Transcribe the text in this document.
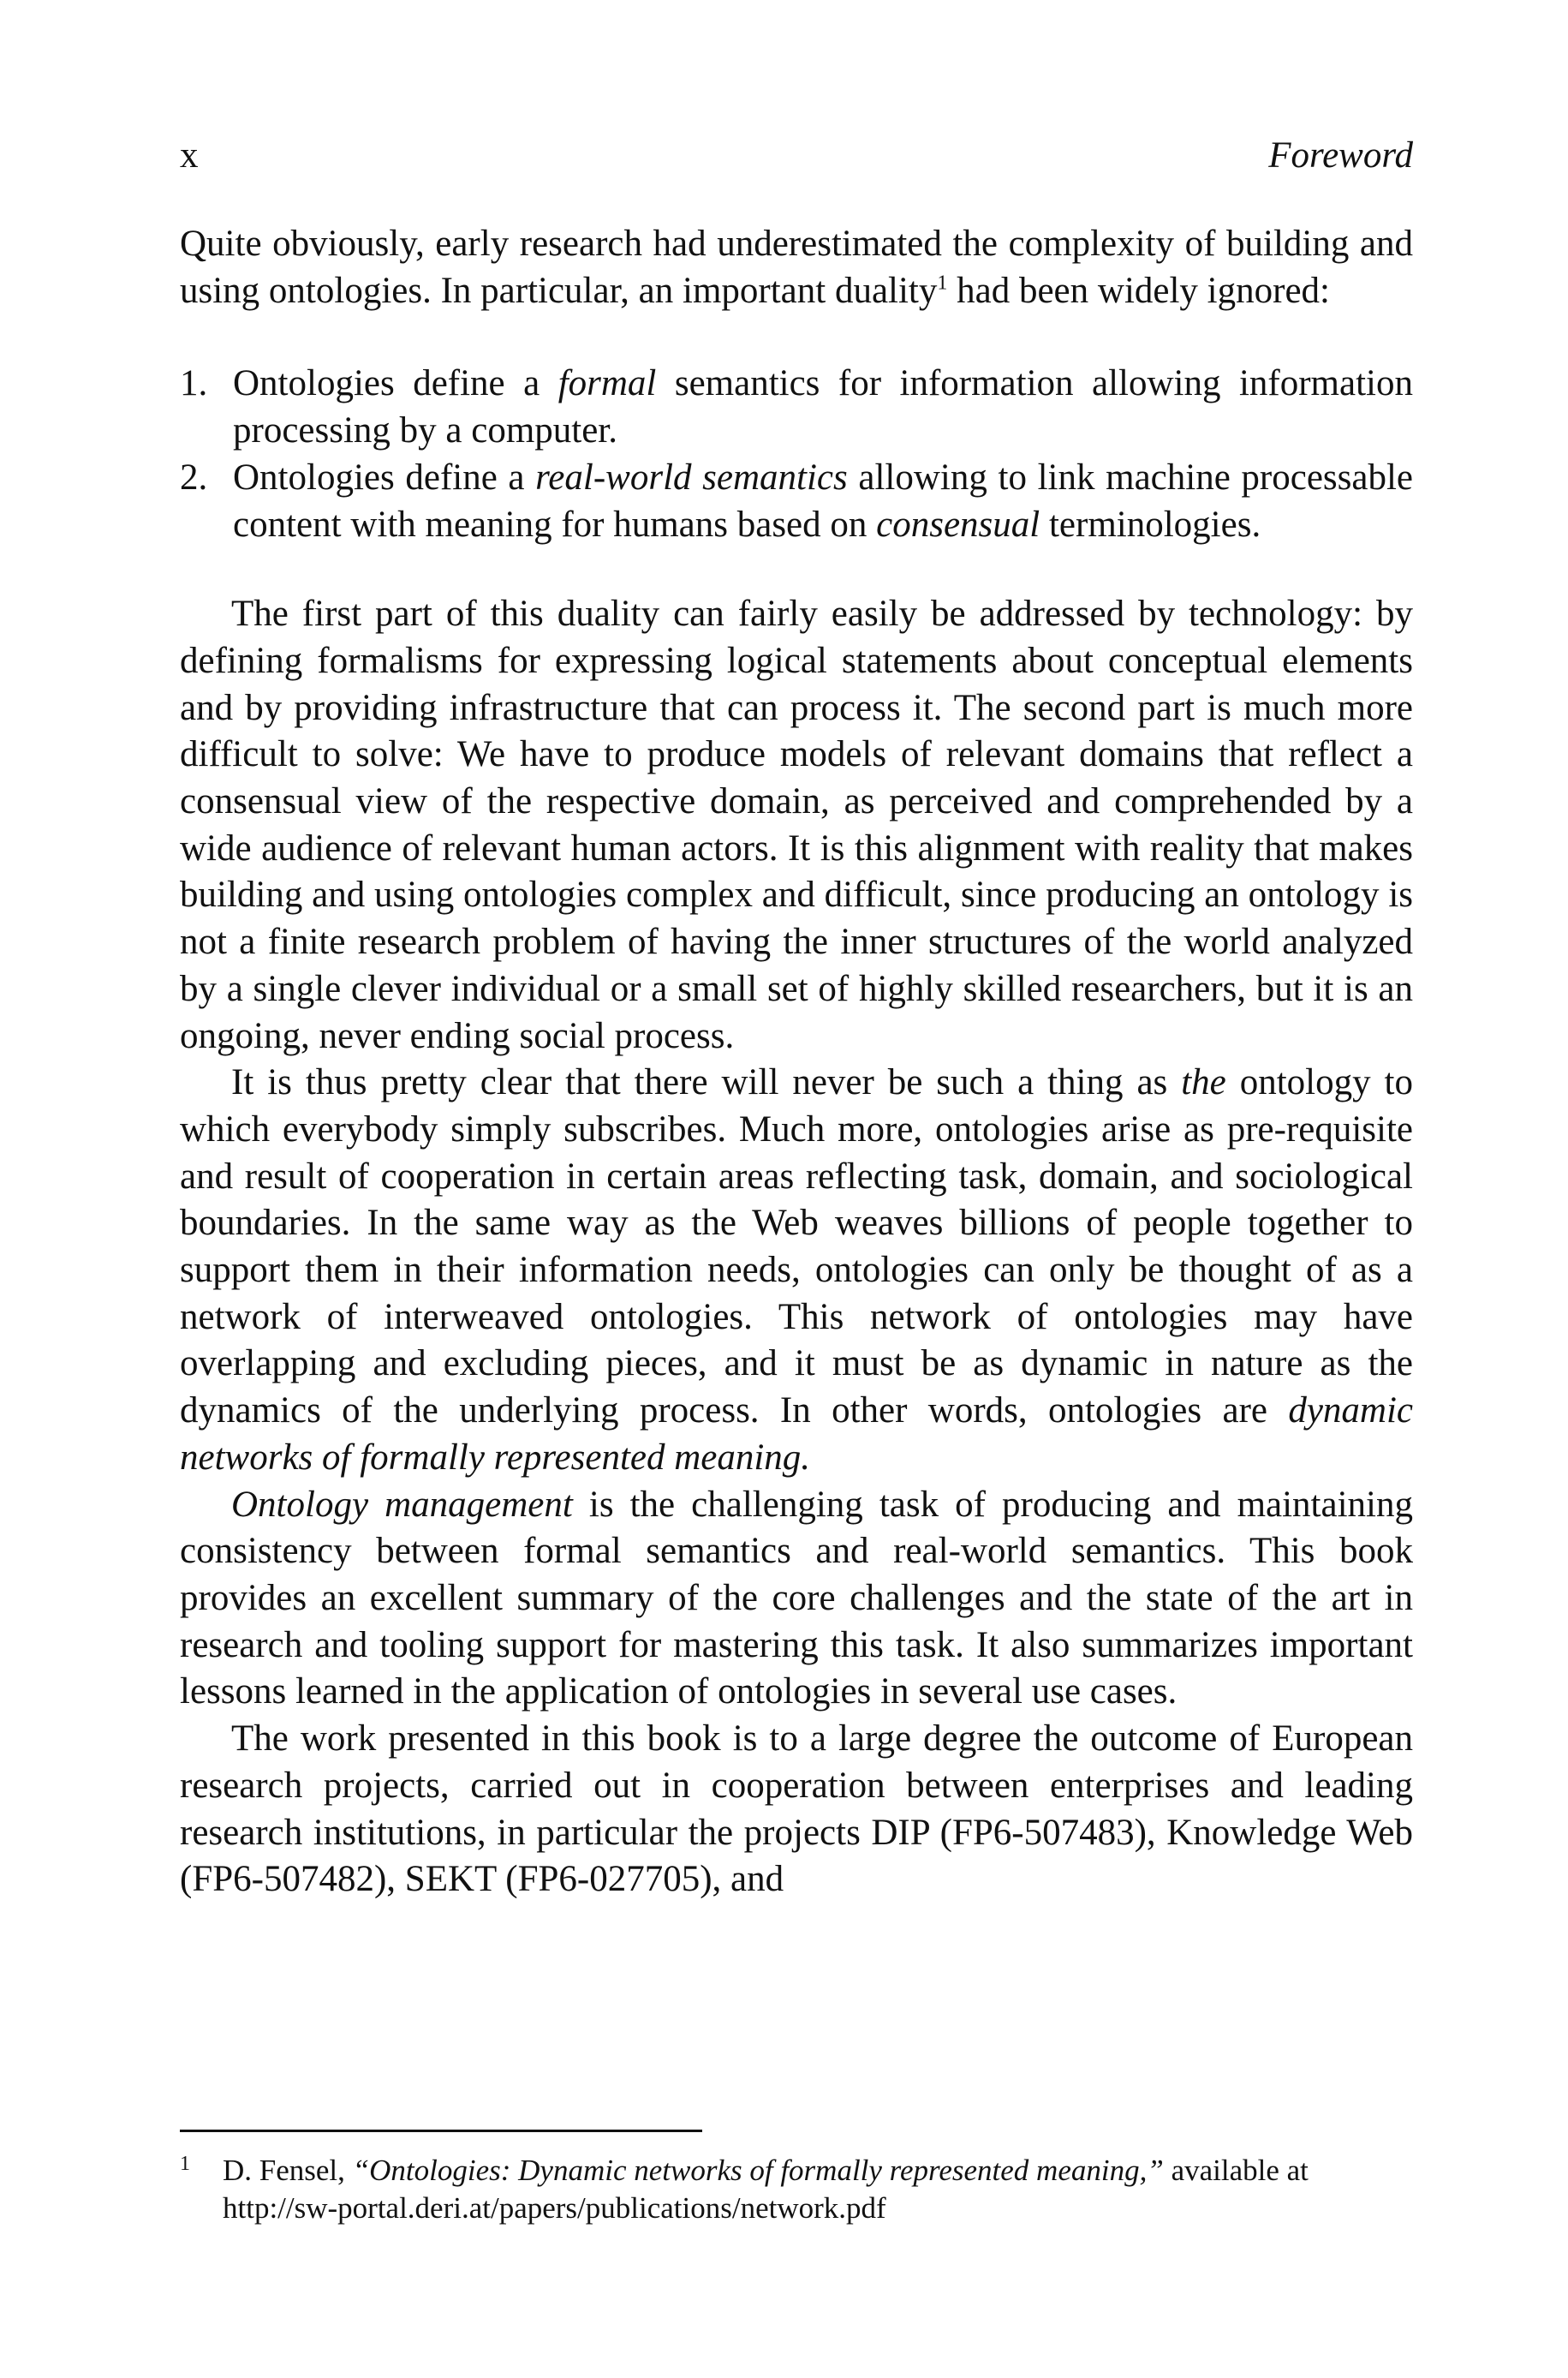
x	Foreword

Quite obviously, early research had underestimated the complexity of building and using ontologies. In particular, an important duality$^1$ had been widely ignored:

1. Ontologies define a formal semantics for information allowing information processing by a computer.
2. Ontologies define a real-world semantics allowing to link machine processable content with meaning for humans based on consensual terminologies.

The first part of this duality can fairly easily be addressed by technology: by defining formalisms for expressing logical statements about conceptual elements and by providing infrastructure that can process it. The second part is much more difficult to solve: We have to produce models of relevant domains that reflect a consensual view of the respective domain, as perceived and comprehended by a wide audience of relevant human actors. It is this alignment with reality that makes building and using ontologies complex and difficult, since producing an ontology is not a finite research problem of having the inner structures of the world analyzed by a single clever individual or a small set of highly skilled researchers, but it is an ongoing, never ending social process.

It is thus pretty clear that there will never be such a thing as the ontology to which everybody simply subscribes. Much more, ontologies arise as pre-requisite and result of cooperation in certain areas reflecting task, domain, and sociological boundaries. In the same way as the Web weaves billions of people together to support them in their information needs, ontologies can only be thought of as a network of interweaved ontologies. This network of ontologies may have overlapping and excluding pieces, and it must be as dynamic in nature as the dynamics of the underlying process. In other words, ontologies are dynamic networks of formally represented meaning.

Ontology management is the challenging task of producing and maintaining consistency between formal semantics and real-world semantics. This book provides an excellent summary of the core challenges and the state of the art in research and tooling support for mastering this task. It also summarizes important lessons learned in the application of ontologies in several use cases.

The work presented in this book is to a large degree the outcome of European research projects, carried out in cooperation between enterprises and leading research institutions, in particular the projects DIP (FP6-507483), Knowledge Web (FP6-507482), SEKT (FP6-027705), and

1	D. Fensel, “Ontologies: Dynamic networks of formally represented meaning,” available at http://sw-portal.deri.at/papers/publications/network.pdf
